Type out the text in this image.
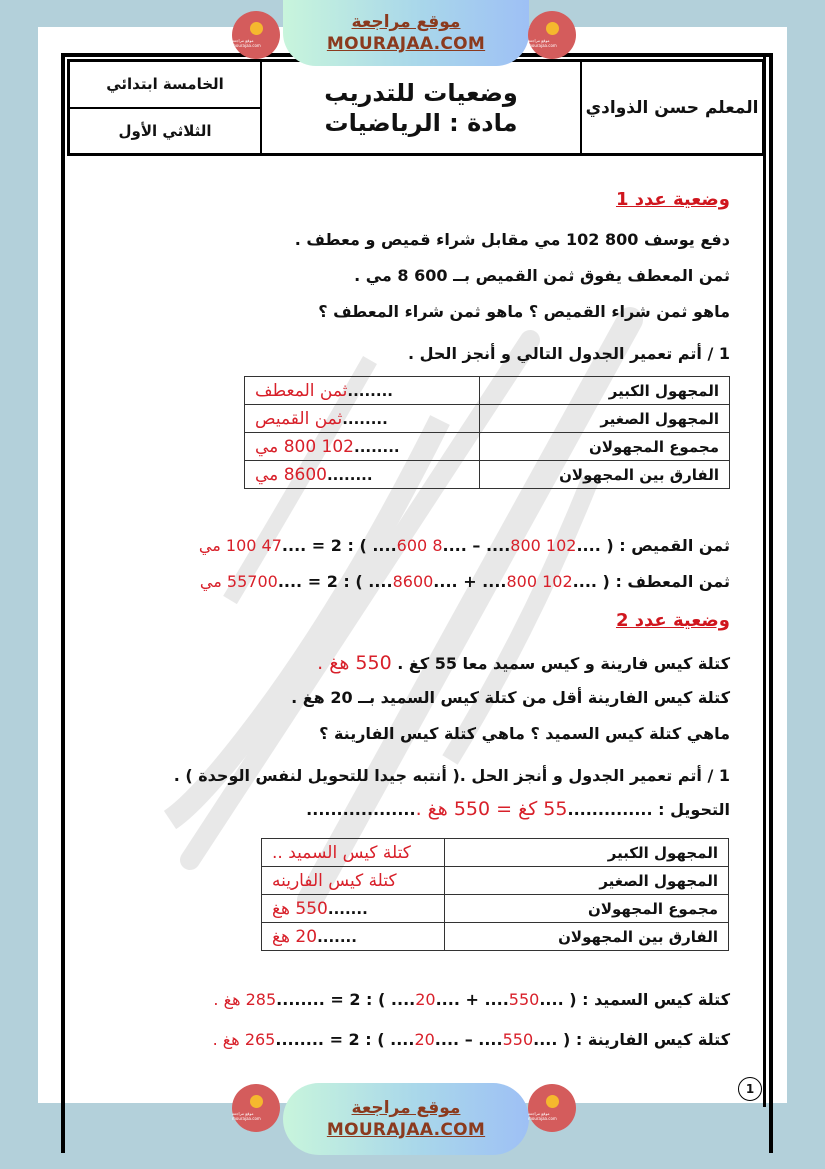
الخامسة ابتدائي
الثلاثي الأول
وضعيات للتدريب
مادة : الرياضيات
المعلم حسن الذوادي
وضعية عدد 1
دفع يوسف 800 102 مي مقابل شراء قميص و معطف .
ثمن المعطف يفوق ثمن القميص بــ 600 8 مي .
ماهو ثمن شراء القميص ؟ ماهو ثمن شراء المعطف ؟
1 / أتم تعمير الجدول التالي و أنجز الحل .
المجهول الكبير	........ثمن المعطف
المجهول الصغير	........ثمن القميص
مجموع المجهولان	........102 800 مي
الفارق بين المجهولان	........8600 مي
ثمن القميص : ( ....102 800.... – ....8 600.... ) : 2 = ....47 100 مي
ثمن المعطف : ( ....102 800.... + ....8600.... ) : 2 = ....55700 مي
وضعية عدد 2
كتلة كيس فارينة و كيس سميد معا 55 كغ . 550 هغ .
كتلة كيس الفارينة أقل من كتلة كيس السميد بــ 20 هغ .
ماهي كتلة كيس السميد ؟ ماهي كتلة كيس الفارينة ؟
1 / أتم تعمير الجدول و أنجز الحل .( أنتبه جيدا للتحويل لنفس الوحدة ) .
التحويل : ..............55 كغ = 550 هغ ...................
المجهول الكبير	كتلة كيس السميد ..
المجهول الصغير	كتلة كيس الفارينه
مجموع المجهولان	.......550 هغ
الفارق بين المجهولان	.......20 هغ
كتلة كيس السميد : ( ....550.... + ....20.... ) : 2 = ........285 هغ .
كتلة كيس الفارينة : ( ....550.... – ....20.... ) : 2 = ........265 هغ .
1
موقع مراجعة mourajaa.com
موقع مراجعة
MOURAJAA.COM	موقع مراجعة mourajaa.com
موقع مراجعة mourajaa.com
موقع مراجعة
MOURAJAA.COM
موقع مراجعة mourajaa.com
